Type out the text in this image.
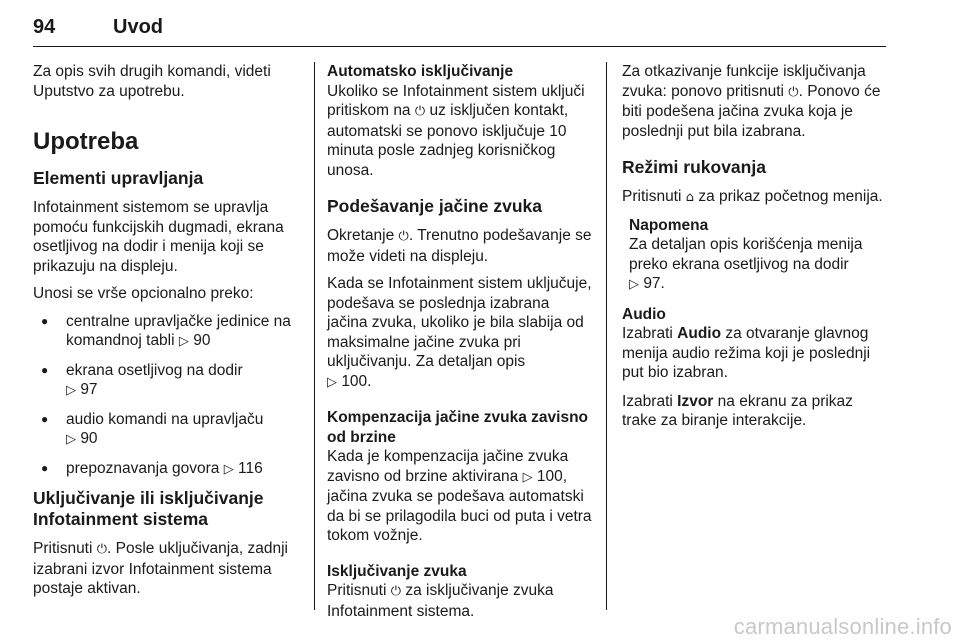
94	Uvod

Za opis svih drugih komandi, videti Uputstvo za upotrebu.

Upotreba
Elementi upravljanja

Infotainment sistemom se upravlja pomoću funkcijskih dugmadi, ekrana osetljivog na dodir i menija koji se prikazuju na displeju.

Unosi se vrše opcionalno preko:

● centralne upravljačke jedinice na komandnoj tabli ▷ 90
● ekrana osetljivog na dodir
▷ 97
● audio komandi na upravljaču
▷ 90
● prepoznavanja govora ▷ 116
Uključivanje ili isključivanje Infotainment sistema

Pritisnuti ⏻. Posle uključivanja, zadnji izabrani izvor Infotainment sistema postaje aktivan.

Automatsko isključivanje
Ukoliko se Infotainment sistem uključi pritiskom na ⏻ uz isključen kontakt, automatski se ponovo isključuje 10 minuta posle zadnjeg korisničkog unosa.
Podešavanje jačine zvuka

Okretanje ⏻. Trenutno podešavanje se može videti na displeju.

Kada se Infotainment sistem uključuje, podešava se poslednja izabrana jačina zvuka, ukoliko je bila slabija od maksimalne jačine zvuka pri uključivanju. Za detaljan opis
▷ 100.

Kompenzacija jačine zvuka zavisno od brzine
Kada je kompenzacija jačine zvuka zavisno od brzine aktivirana ▷ 100, jačina zvuka se podešava automatski da bi se prilagodila buci od puta i vetra tokom vožnje.
Isključivanje zvuka
Pritisnuti ⏻ za isključivanje zvuka Infotainment sistema.

Za otkazivanje funkcije isključivanja zvuka: ponovo pritisnuti ⏻. Ponovo će biti podešena jačina zvuka koja je poslednji put bila izabrana.

Režimi rukovanja

Pritisnuti ⌂ za prikaz početnog menija.

Napomena
Za detaljan opis korišćenja menija preko ekrana osetljivog na dodir
▷ 97.
Audio
Izabrati Audio za otvaranje glavnog menija audio režima koji je poslednji put bio izabran.

Izabrati Izvor na ekranu za prikaz trake za biranje interakcije.

carmanualsonline.info
